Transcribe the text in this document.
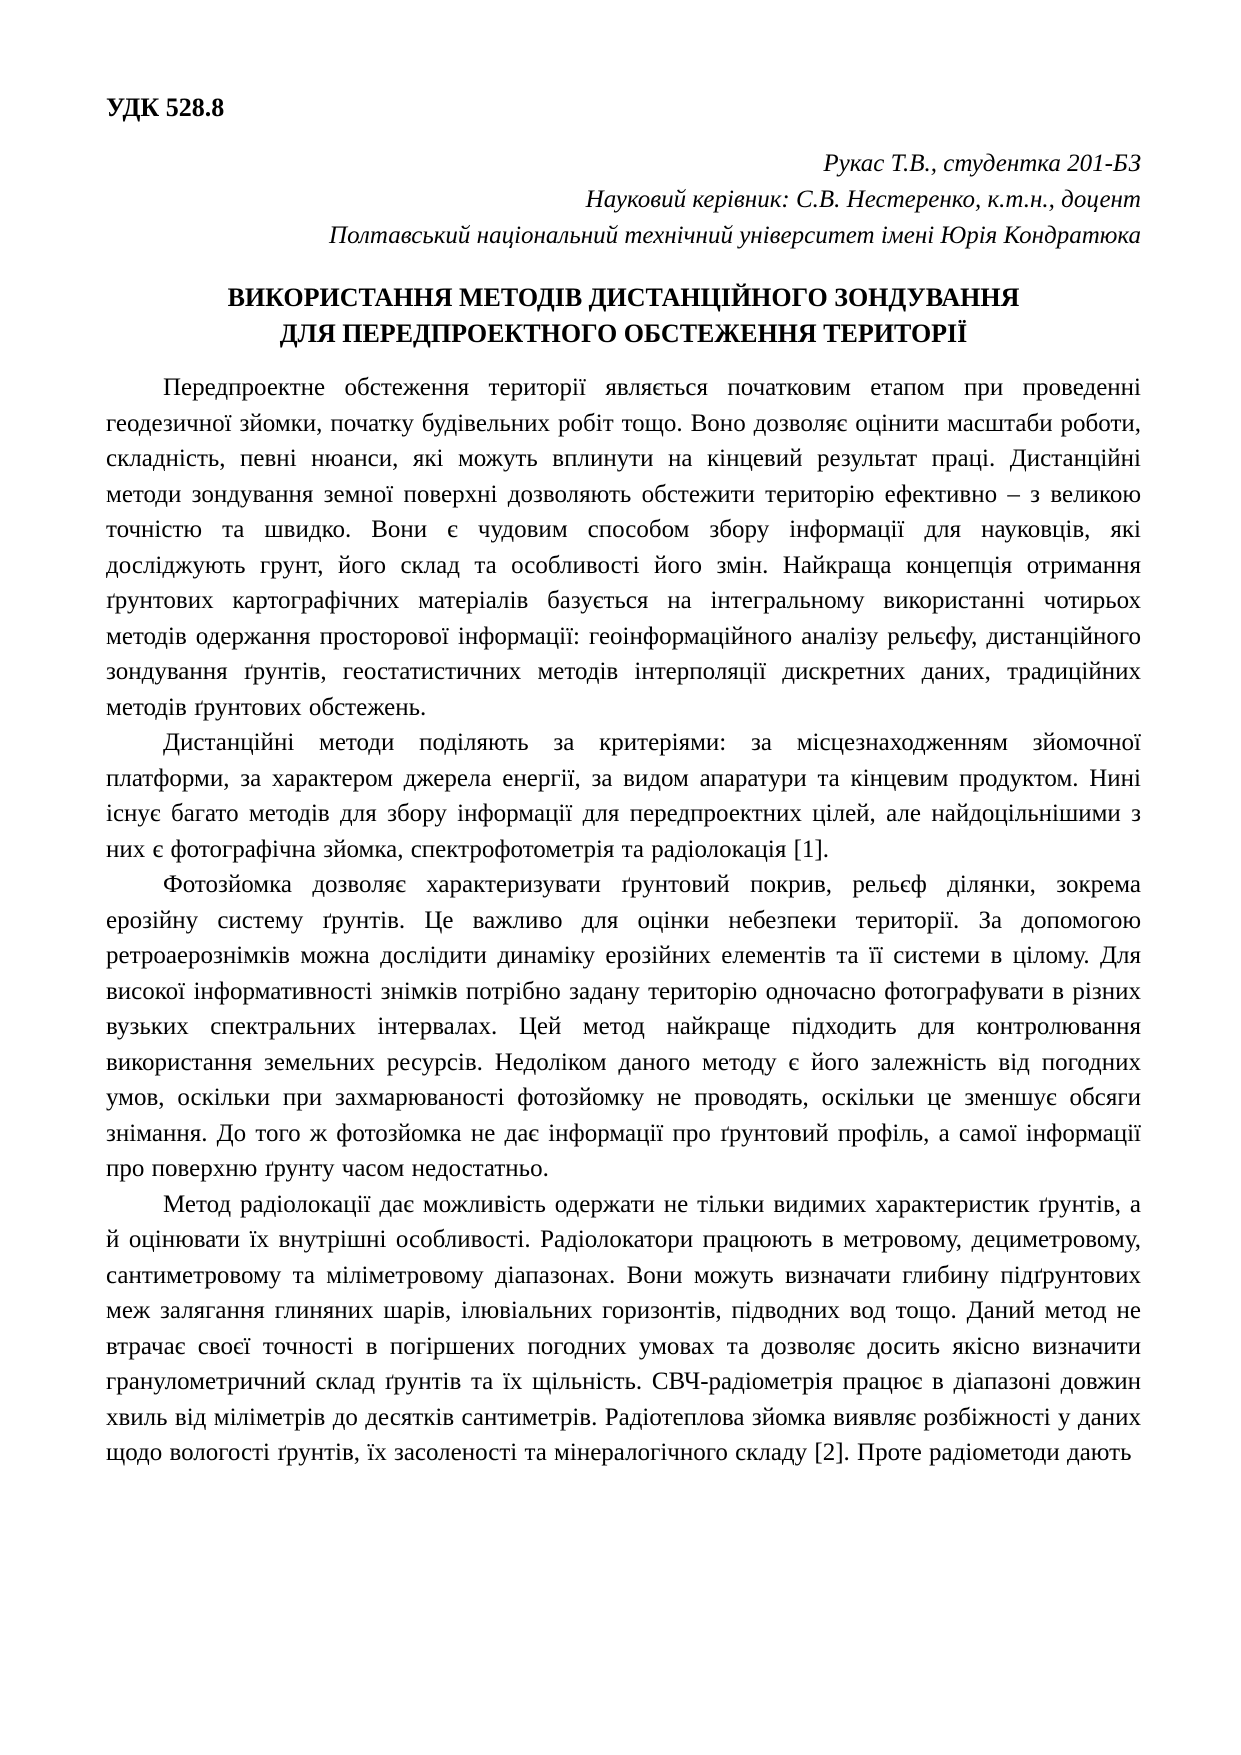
УДК 528.8
Рукас Т.В., студентка 201-БЗ
Науковий керівник: С.В. Нестеренко, к.т.н., доцент
Полтавський національний технічний університет імені Юрія Кондратюка
ВИКОРИСТАННЯ МЕТОДІВ ДИСТАНЦІЙНОГО ЗОНДУВАННЯ
ДЛЯ ПЕРЕДПРОЕКТНОГО ОБСТЕЖЕННЯ ТЕРИТОРІЇ

Передпроектне обстеження території являється початковим етапом при проведенні геодезичної зйомки, початку будівельних робіт тощо. Воно дозволяє оцінити масштаби роботи, складність, певні нюанси, які можуть вплинути на кінцевий результат праці. Дистанційні методи зондування земної поверхні дозволяють обстежити територію ефективно – з великою точністю та швидко. Вони є чудовим способом збору інформації для науковців, які досліджують грунт, його склад та особливості його змін. Найкраща концепція отримання ґрунтових картографічних матеріалів базується на інтегральному використанні чотирьох методів одержання просторової інформації: геоінформаційного аналізу рельєфу, дистанційного зондування ґрунтів, геостатистичних методів інтерполяції дискретних даних, традиційних методів ґрунтових обстежень.

Дистанційні методи поділяють за критеріями: за місцезнаходженням зйомочної платформи, за характером джерела енергії, за видом апаратури та кінцевим продуктом. Нині існує багато методів для збору інформації для передпроектних цілей, але найдоцільнішими з них є фотографічна зйомка, спектрофотометрія та радіолокація [1].

Фотозйомка дозволяє характеризувати ґрунтовий покрив, рельєф ділянки, зокрема ерозійну систему ґрунтів. Це важливо для оцінки небезпеки території. За допомогою ретроаерознімків можна дослідити динаміку ерозійних елементів та її системи в цілому. Для високої інформативності знімків потрібно задану територію одночасно фотографувати в різних вузьких спектральних інтервалах. Цей метод найкраще підходить для контролювання використання земельних ресурсів. Недоліком даного методу є його залежність від погодних умов, оскільки при захмарюваності фотозйомку не проводять, оскільки це зменшує обсяги знімання. До того ж фотозйомка не дає інформації про ґрунтовий профіль, а самої інформації про поверхню ґрунту часом недостатньо.

Метод радіолокації дає можливість одержати не тільки видимих характеристик ґрунтів, а й оцінювати їх внутрішні особливості. Радіолокатори працюють в метровому, дециметровому, сантиметровому та міліметровому діапазонах. Вони можуть визначати глибину підґрунтових меж залягання глиняних шарів, ілювіальних горизонтів, підводних вод тощо. Даний метод не втрачає своєї точності в погіршених погодних умовах та дозволяє досить якісно визначити гранулометричний склад ґрунтів та їх щільність. СВЧ-радіометрія працює в діапазоні довжин хвиль від міліметрів до десятків сантиметрів. Радіотеплова зйомка виявляє розбіжності у даних щодо вологості ґрунтів, їх засоленості та мінералогічного складу [2]. Проте радіометоди дають
